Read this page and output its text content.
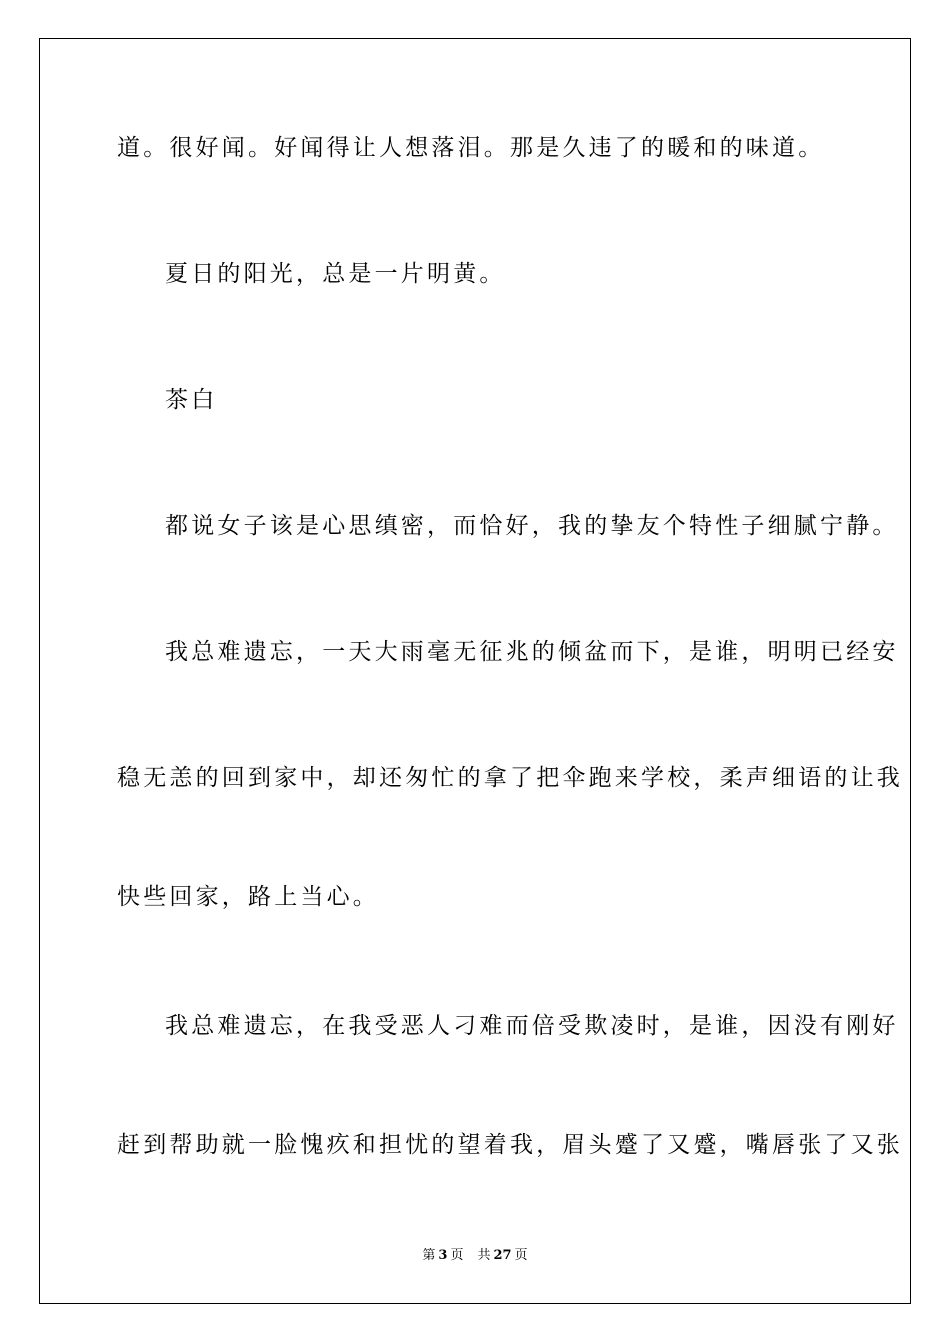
道。很好闻。好闻得让人想落泪。那是久违了的暖和的味道。
夏日的阳光，总是一片明黄。
茶白
都说女子该是心思缜密，而恰好，我的挚友个特性子细腻宁静。
我总难遗忘，一天大雨毫无征兆的倾盆而下，是谁，明明已经安
稳无恙的回到家中，却还匆忙的拿了把伞跑来学校，柔声细语的让我
快些回家，路上当心。
我总难遗忘，在我受恶人刁难而倍受欺凌时，是谁，因没有刚好
赶到帮助就一脸愧疚和担忧的望着我，眉头蹙了又蹙，嘴唇张了又张
第 3 页 共 27 页
